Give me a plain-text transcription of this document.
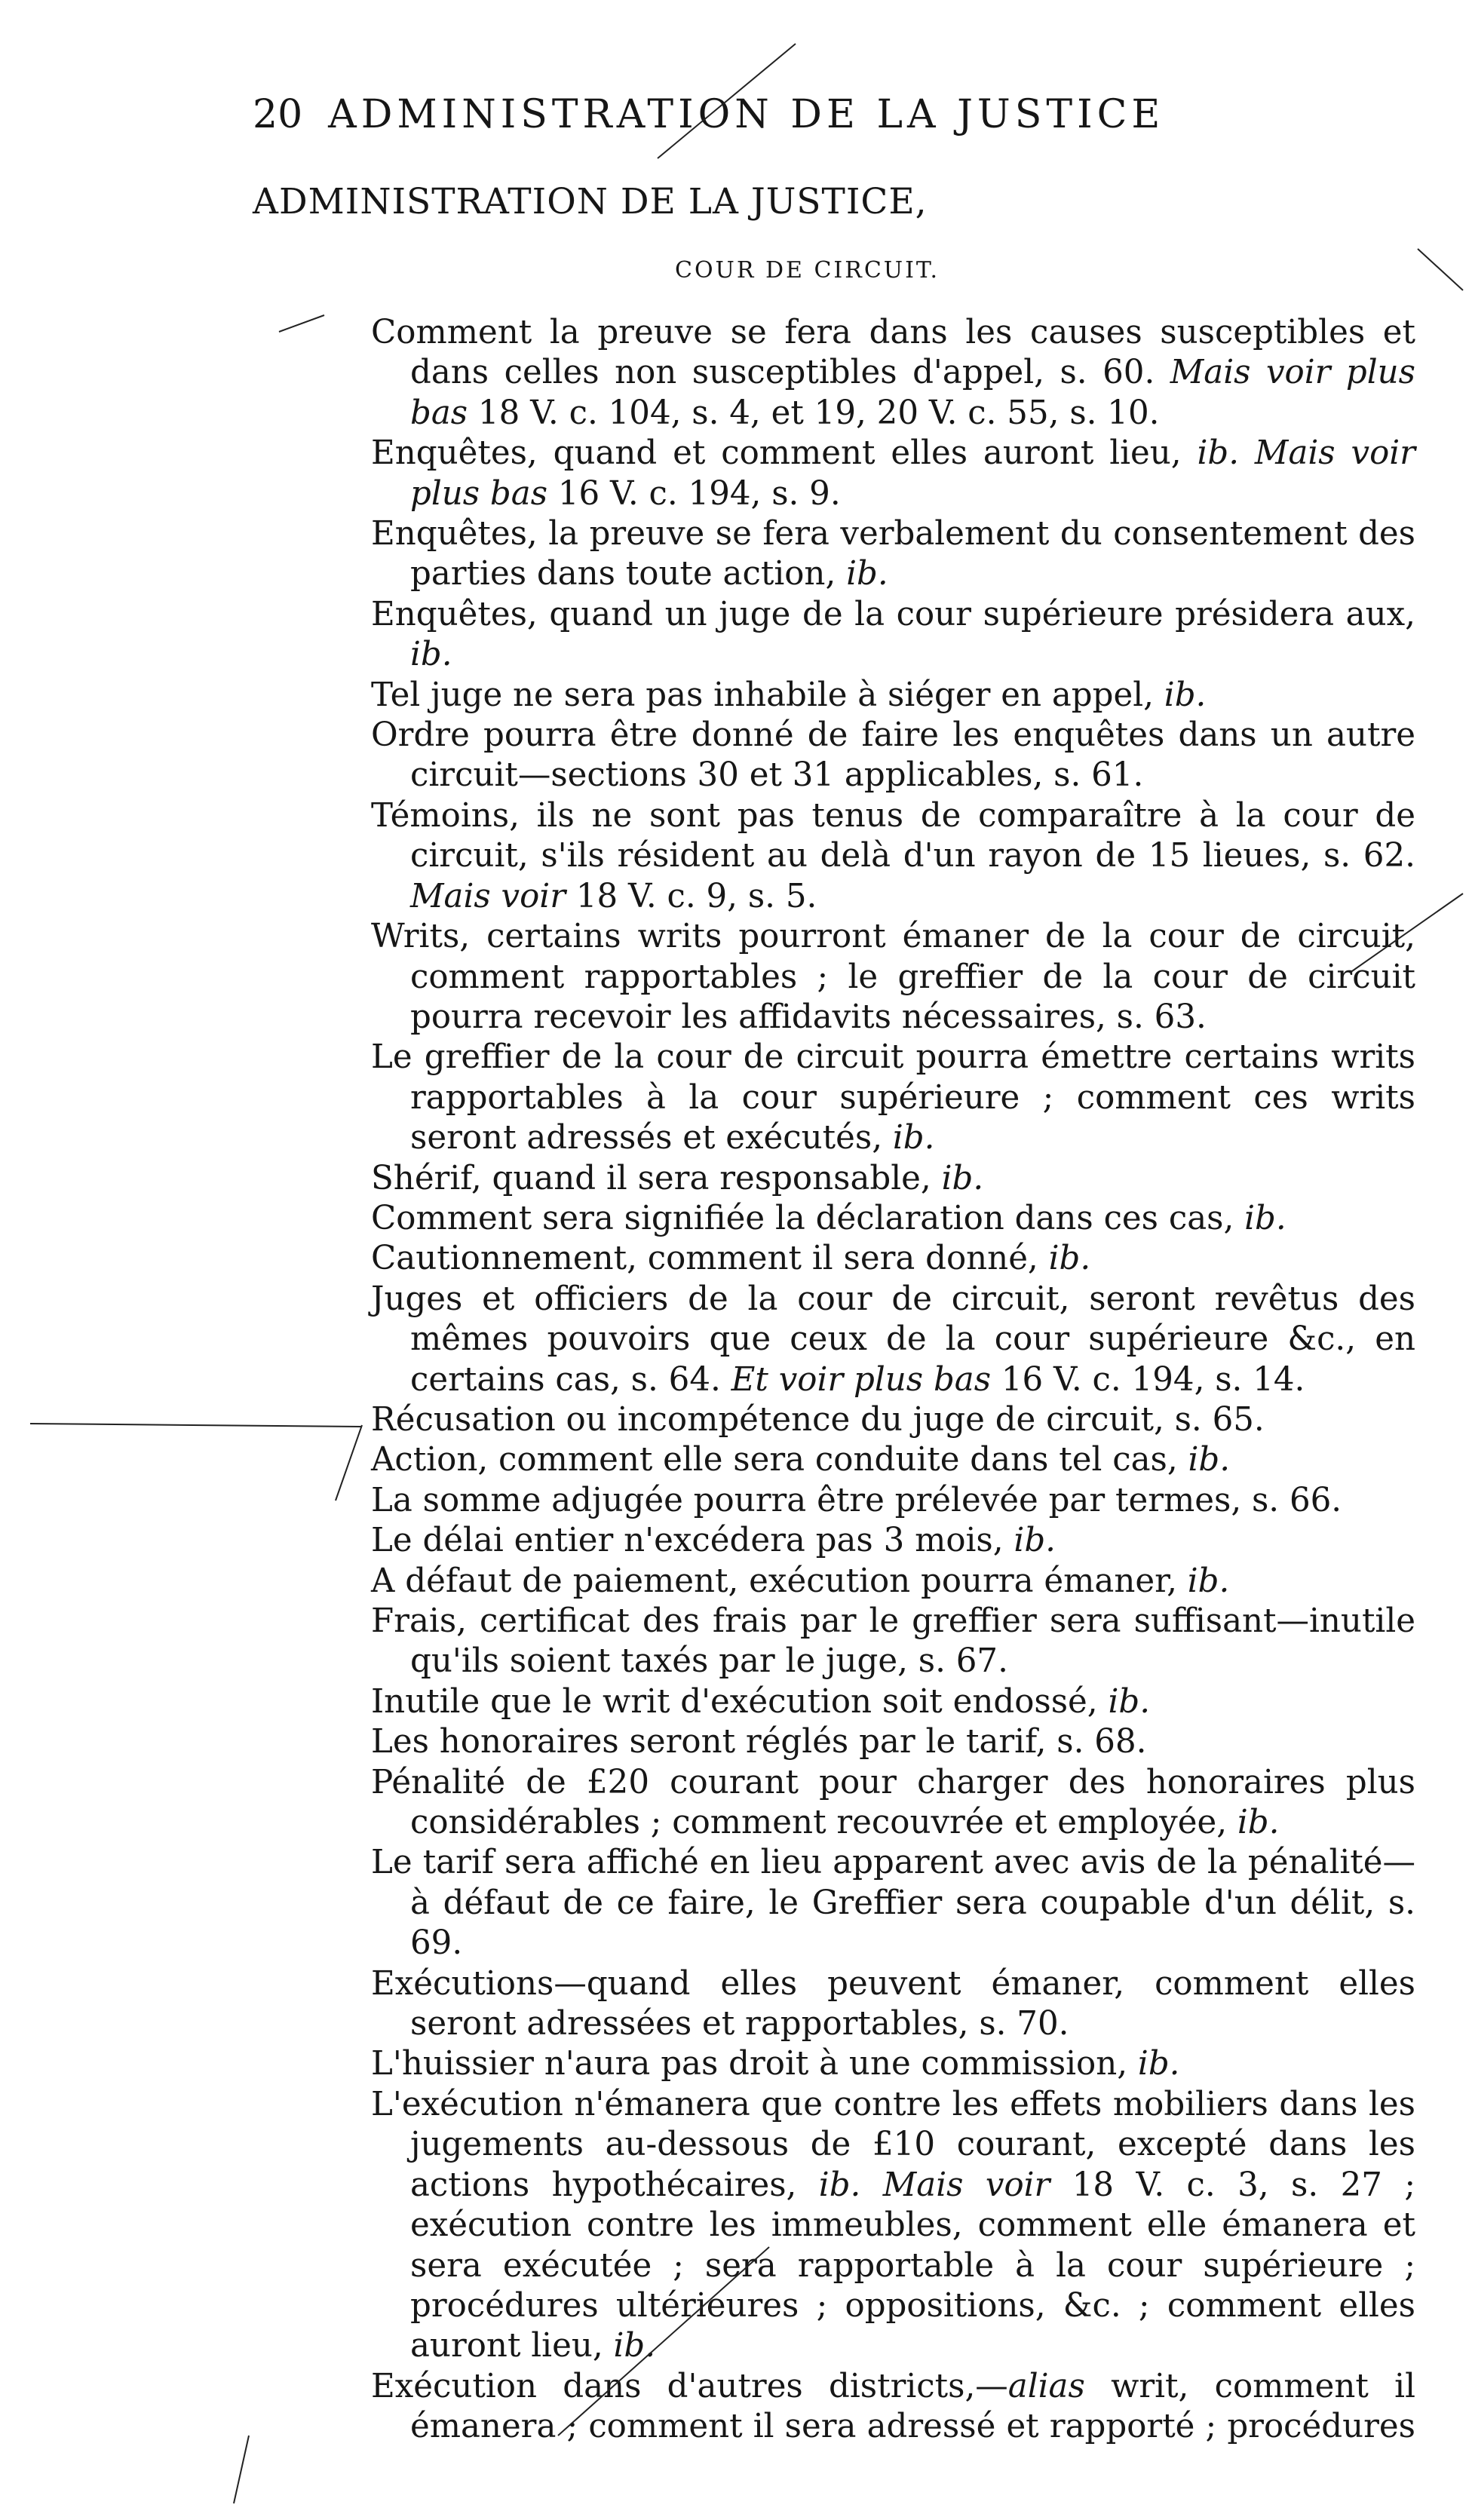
20 ADMINISTRATION DE LA JUSTICE
ADMINISTRATION DE LA JUSTICE,
COUR DE CIRCUIT.

Comment la preuve se fera dans les causes susceptibles et dans celles non susceptibles d'appel, s. 60. Mais voir plus bas 18 V. c. 104, s. 4, et 19, 20 V. c. 55, s. 10.

Enquêtes, quand et comment elles auront lieu, ib. Mais voir plus bas 16 V. c. 194, s. 9.

Enquêtes, la preuve se fera verbalement du consentement des parties dans toute action, ib.

Enquêtes, quand un juge de la cour supérieure présidera aux, ib.

Tel juge ne sera pas inhabile à siéger en appel, ib.

Ordre pourra être donné de faire les enquêtes dans un autre circuit—sections 30 et 31 applicables, s. 61.

Témoins, ils ne sont pas tenus de comparaître à la cour de circuit, s'ils résident au delà d'un rayon de 15 lieues, s. 62. Mais voir 18 V. c. 9, s. 5.

Writs, certains writs pourront émaner de la cour de circuit, comment rapportables ; le greffier de la cour de circuit pourra recevoir les affidavits nécessaires, s. 63.

Le greffier de la cour de circuit pourra émettre certains writs rapportables à la cour supérieure ; comment ces writs seront adressés et exécutés, ib.

Shérif, quand il sera responsable, ib.

Comment sera signifiée la déclaration dans ces cas, ib.

Cautionnement, comment il sera donné, ib.

Juges et officiers de la cour de circuit, seront revêtus des mêmes pouvoirs que ceux de la cour supérieure &c., en certains cas, s. 64. Et voir plus bas 16 V. c. 194, s. 14.

Récusation ou incompétence du juge de circuit, s. 65.

Action, comment elle sera conduite dans tel cas, ib.

La somme adjugée pourra être prélevée par termes, s. 66.

Le délai entier n'excédera pas 3 mois, ib.

A défaut de paiement, exécution pourra émaner, ib.

Frais, certificat des frais par le greffier sera suffisant—inutile qu'ils soient taxés par le juge, s. 67.

Inutile que le writ d'exécution soit endossé, ib.

Les honoraires seront réglés par le tarif, s. 68.

Pénalité de £20 courant pour charger des honoraires plus considérables ; comment recouvrée et employée, ib.

Le tarif sera affiché en lieu apparent avec avis de la pénalité—à défaut de ce faire, le Greffier sera coupable d'un délit, s. 69.

Exécutions—quand elles peuvent émaner, comment elles seront adressées et rapportables, s. 70.

L'huissier n'aura pas droit à une commission, ib.

L'exécution n'émanera que contre les effets mobiliers dans les jugements au-dessous de £10 courant, excepté dans les actions hypothécaires, ib. Mais voir 18 V. c. 3, s. 27 ; exécution contre les immeubles, comment elle émanera et sera exécutée ; sera rapportable à la cour supérieure ; procédures ultérieures ; oppositions, &c. ; comment elles auront lieu, ib.

Exécution dans d'autres districts,—alias writ, comment il émanera ; comment il sera adressé et rapporté ; procédures
